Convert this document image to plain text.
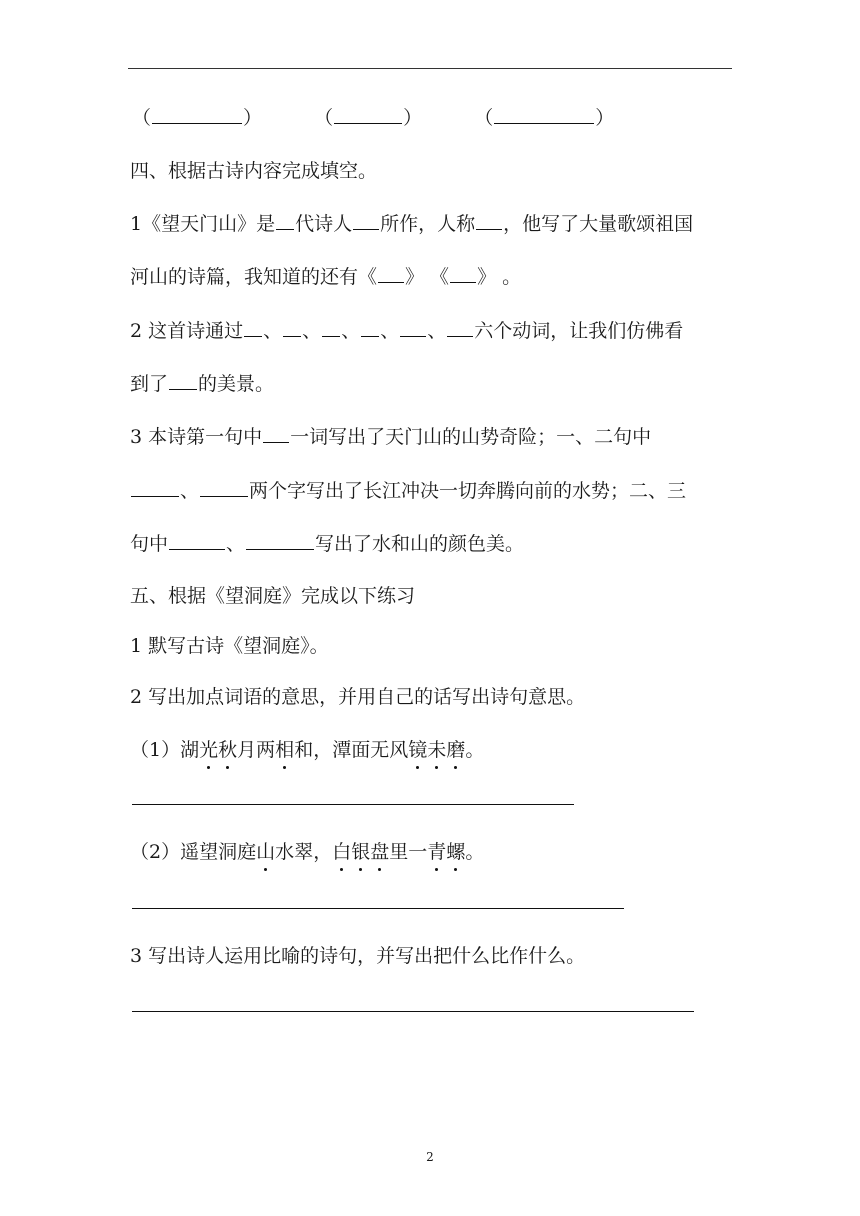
（	）	（	）	（	）
四、根据古诗内容完成填空。
1《望天门山》是 代诗人 所作，人称 ，他写了大量歌颂祖国
河山的诗篇，我知道的还有《 》 《 》 。
2 这首诗通过 、 、 、 、 、 六个动词，让我们仿佛看
到了 的美景。
3 本诗第一句中 一词写出了天门山的山势奇险；一、二句中
、	两个字写出了长江冲决一切奔腾向前的水势；二、三
句中	、	写出了水和山的颜色美。
五、根据《望洞庭》完成以下练习
1 默写古诗《望洞庭》。
2 写出加点词语的意思，并用自己的话写出诗句意思。
（1）湖光秋月两相和，潭面无风镜未磨。
（2）遥望洞庭山水翠，白银盘里一青螺。
3 写出诗人运用比喻的诗句，并写出把什么比作什么。
2
